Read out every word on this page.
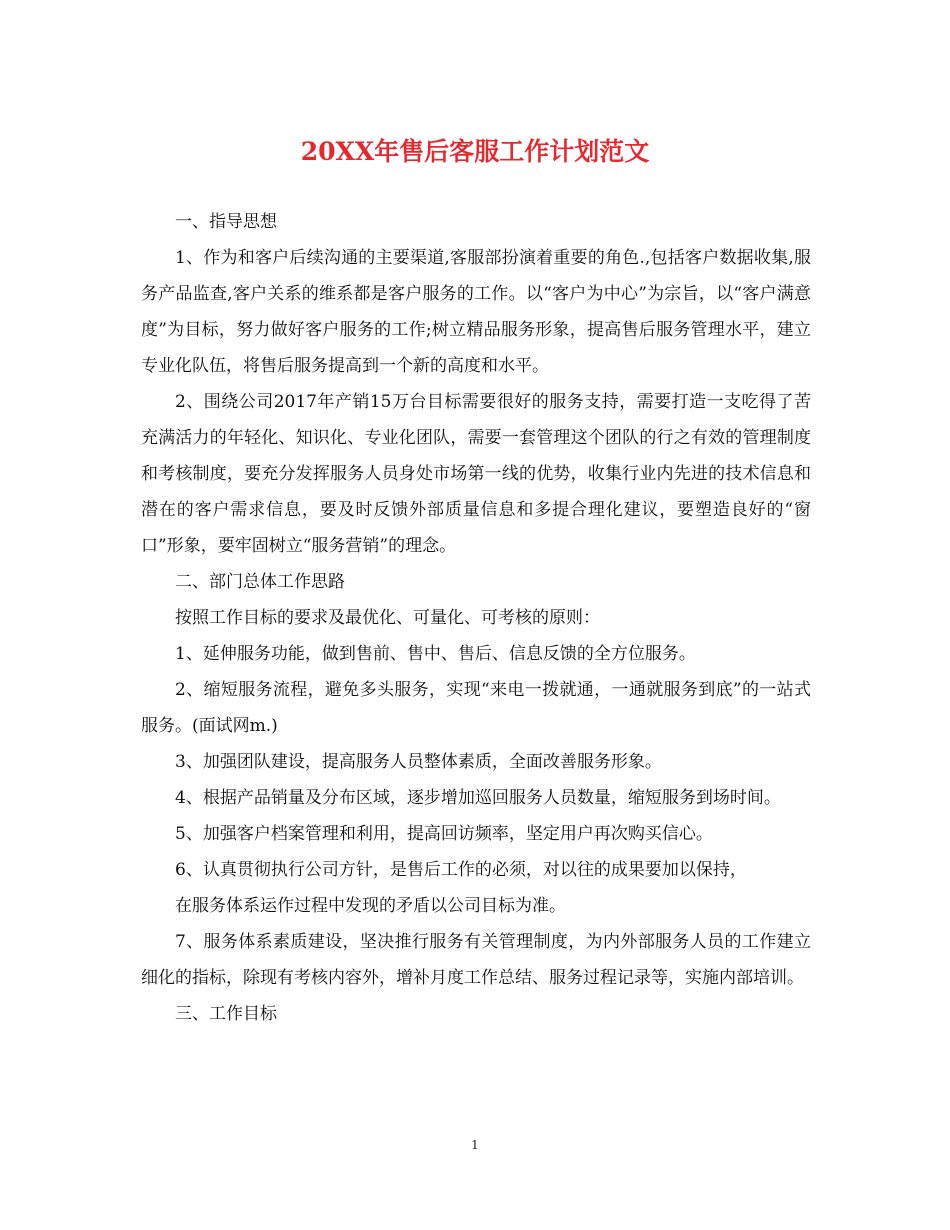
20XX年售后客服工作计划范文

一、指导思想

1、作为和客户后续沟通的主要渠道,客服部扮演着重要的角色.,包括客户数据收集,服务产品监查,客户关系的维系都是客户服务的工作。以“客户为中心”为宗旨，以“客户满意度”为目标，努力做好客户服务的工作;树立精品服务形象，提高售后服务管理水平，建立专业化队伍，将售后服务提高到一个新的高度和水平。

2、围绕公司2017年产销15万台目标需要很好的服务支持，需要打造一支吃得了苦充满活力的年轻化、知识化、专业化团队，需要一套管理这个团队的行之有效的管理制度和考核制度，要充分发挥服务人员身处市场第一线的优势，收集行业内先进的技术信息和潜在的客户需求信息，要及时反馈外部质量信息和多提合理化建议，要塑造良好的“窗口”形象，要牢固树立“服务营销”的理念。

二、部门总体工作思路

按照工作目标的要求及最优化、可量化、可考核的原则：

1、延伸服务功能，做到售前、售中、售后、信息反馈的全方位服务。

2、缩短服务流程，避免多头服务，实现“来电一拨就通，一通就服务到底”的一站式服务。(面试网m.)

3、加强团队建设，提高服务人员整体素质，全面改善服务形象。

4、根据产品销量及分布区域，逐步增加巡回服务人员数量，缩短服务到场时间。

5、加强客户档案管理和利用，提高回访频率，坚定用户再次购买信心。

6、认真贯彻执行公司方针，是售后工作的必须，对以往的成果要加以保持，

在服务体系运作过程中发现的矛盾以公司目标为准。

7、服务体系素质建设，坚决推行服务有关管理制度，为内外部服务人员的工作建立细化的指标，除现有考核内容外，增补月度工作总结、服务过程记录等，实施内部培训。

三、工作目标

1
